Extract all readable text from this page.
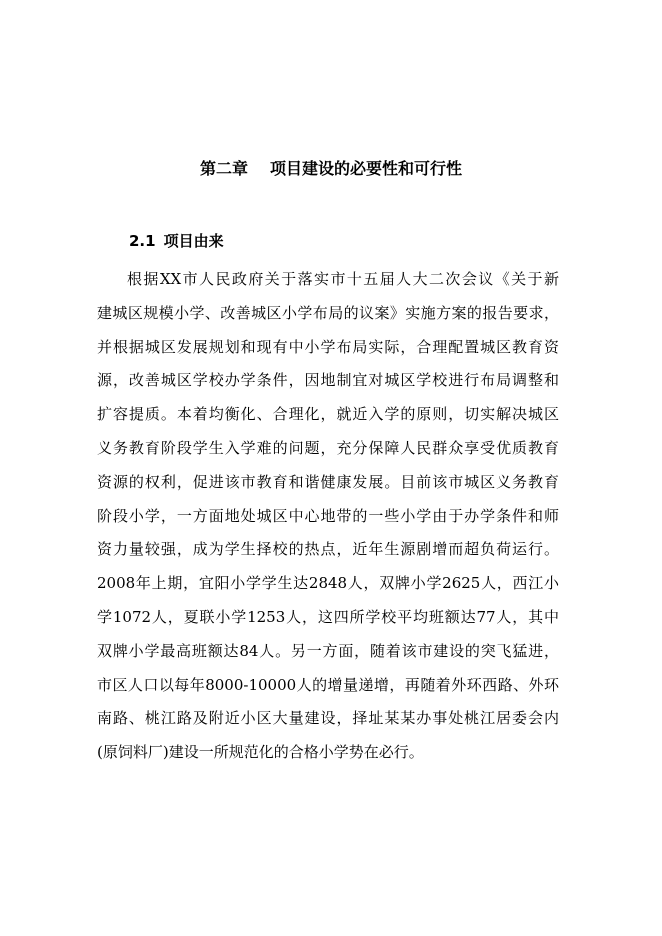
第二章 项目建设的必要性和可行性
2.1 项目由来
根据XX市人民政府关于落实市十五届人大二次会议《关于新
建城区规模小学、改善城区小学布局的议案》实施方案的报告要求，
并根据城区发展规划和现有中小学布局实际，合理配置城区教育资
源，改善城区学校办学条件，因地制宜对城区学校进行布局调整和
扩容提质。本着均衡化、合理化，就近入学的原则，切实解决城区
义务教育阶段学生入学难的问题，充分保障人民群众享受优质教育
资源的权利，促进该市教育和谐健康发展。目前该市城区义务教育
阶段小学，一方面地处城区中心地带的一些小学由于办学条件和师
资力量较强，成为学生择校的热点，近年生源剧增而超负荷运行。
2008年上期，宜阳小学学生达2848人，双牌小学2625人，西江小
学1072人，夏联小学1253人，这四所学校平均班额达77人，其中
双牌小学最高班额达84人。另一方面，随着该市建设的突飞猛进，
市区人口以每年8000-10000人的增量递增，再随着外环西路、外环
南路、桃江路及附近小区大量建设，择址某某办事处桃江居委会内
(原饲料厂)建设一所规范化的合格小学势在必行。
